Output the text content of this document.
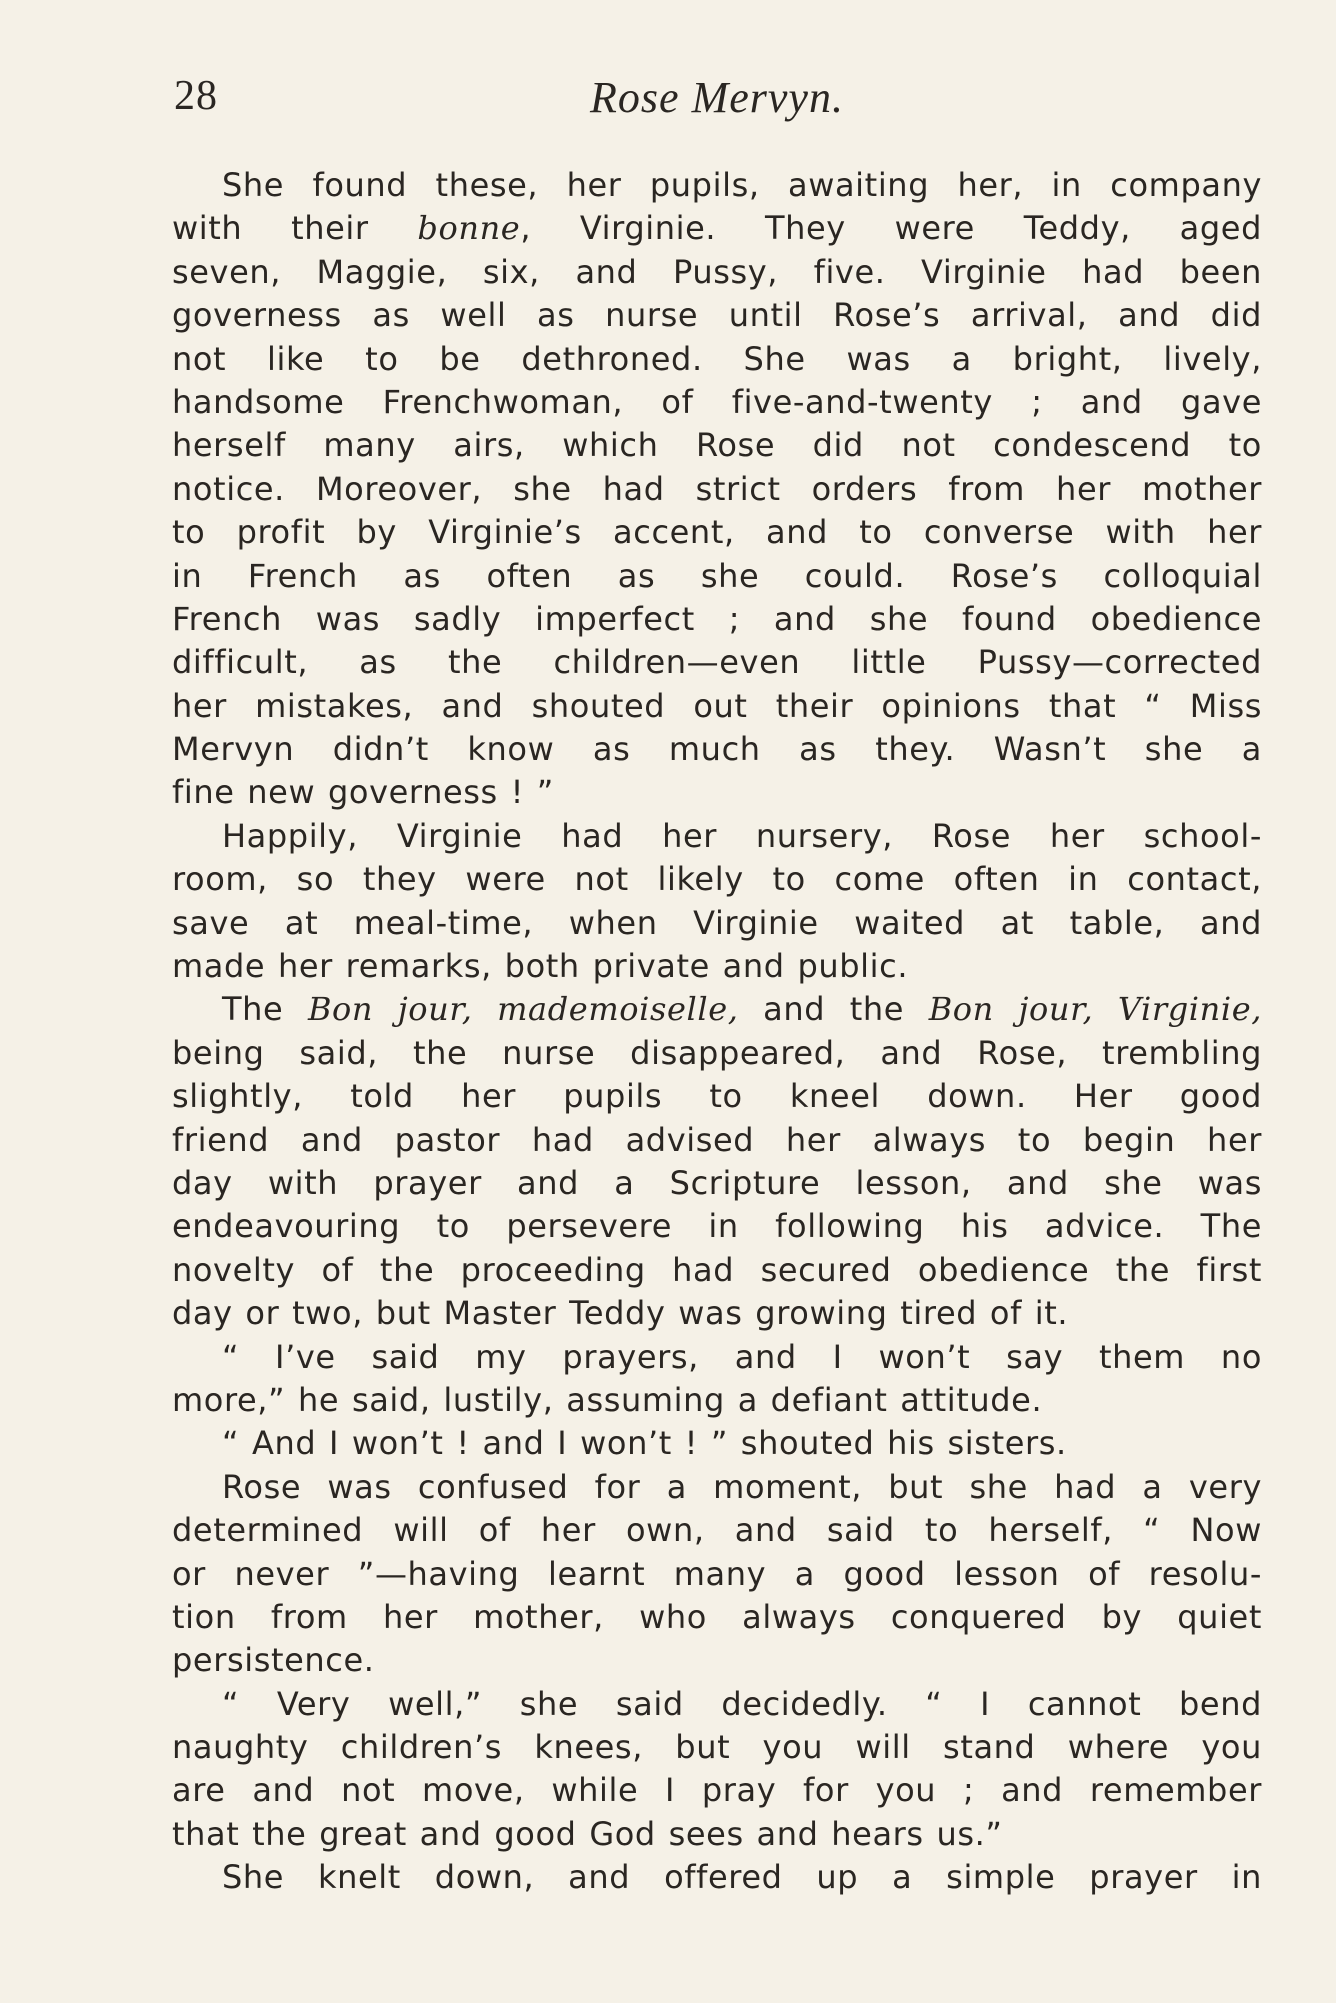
28	Rose Mervyn.
She found these, her pupils, awaiting her, in company
with their bonne, Virginie. They were Teddy, aged
seven, Maggie, six, and Pussy, five. Virginie had been
governess as well as nurse until Rose’s arrival, and did
not like to be dethroned. She was a bright, lively,
handsome Frenchwoman, of five-and-twenty ; and gave
herself many airs, which Rose did not condescend to
notice. Moreover, she had strict orders from her mother
to profit by Virginie’s accent, and to converse with her
in French as often as she could. Rose’s colloquial
French was sadly imperfect ; and she found obedience
difficult, as the children—even little Pussy—corrected
her mistakes, and shouted out their opinions that “ Miss
Mervyn didn’t know as much as they. Wasn’t she a
fine new governess ! ”
Happily, Virginie had her nursery, Rose her school-
room, so they were not likely to come often in contact,
save at meal-time, when Virginie waited at table, and
made her remarks, both private and public.
The Bon jour, mademoiselle, and the Bon jour, Virginie,
being said, the nurse disappeared, and Rose, trembling
slightly, told her pupils to kneel down. Her good
friend and pastor had advised her always to begin her
day with prayer and a Scripture lesson, and she was
endeavouring to persevere in following his advice. The
novelty of the proceeding had secured obedience the first
day or two, but Master Teddy was growing tired of it.
“ I’ve said my prayers, and I won’t say them no
more,” he said, lustily, assuming a defiant attitude.
“ And I won’t ! and I won’t ! ” shouted his sisters.
Rose was confused for a moment, but she had a very
determined will of her own, and said to herself, “ Now
or never ”—having learnt many a good lesson of resolu-
tion from her mother, who always conquered by quiet
persistence.
“ Very well,” she said decidedly. “ I cannot bend
naughty children’s knees, but you will stand where you
are and not move, while I pray for you ; and remember
that the great and good God sees and hears us.”
She knelt down, and offered up a simple prayer in
